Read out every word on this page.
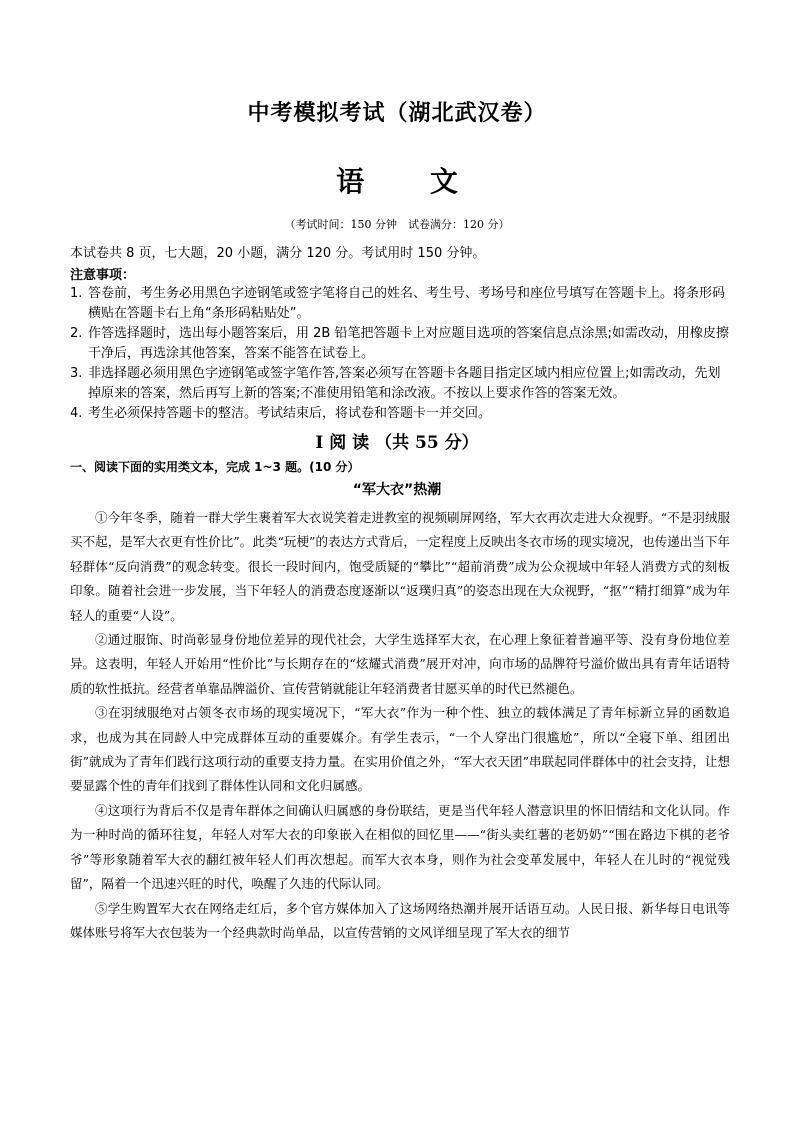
中考模拟考试（湖北武汉卷）
语 文
（考试时间：150 分钟　试卷满分：120 分）
本试卷共 8 页，七大题，20 小题，满分 120 分。考试用时 150 分钟。
注意事项：
1. 答卷前，考生务必用黑色字迹钢笔或签字笔将自己的姓名、考生号、考场号和座位号填写在答题卡上。将条形码横贴在答题卡右上角“条形码粘贴处”。
2. 作答选择题时，选出每小题答案后，用 2B 铅笔把答题卡上对应题目选项的答案信息点涂黑;如需改动，用橡皮擦干净后，再选涂其他答案，答案不能答在试卷上。
3. 非选择题必须用黑色字迹钢笔或签字笔作答,答案必须写在答题卡各题目指定区域内相应位置上;如需改动，先划掉原来的答案，然后再写上新的答案;不准使用铅笔和涂改液。不按以上要求作答的答案无效。
4. 考生必须保持答题卡的整洁。考试结束后，将试卷和答题卡一并交回。
I 阅 读 （共 55 分）
一、阅读下面的实用类文本，完成 1~3 题。(10 分）
“军大衣”热潮

①今年冬季，随着一群大学生裹着军大衣说笑着走进教室的视频刷屏网络，军大衣再次走进大众视野。“不是羽绒服买不起，是军大衣更有性价比”。此类“玩梗”的表达方式背后，一定程度上反映出冬衣市场的现实境况，也传递出当下年轻群体“反向消费”的观念转变。很长一段时间内，饱受质疑的“攀比”“超前消费”成为公众视域中年轻人消费方式的刻板印象。随着社会进一步发展，当下年轻人的消费态度逐渐以“返璞归真”的姿态出现在大众视野，“抠”“精打细算”成为年轻人的重要“人设”。

②通过服饰、时尚彰显身份地位差异的现代社会，大学生选择军大衣，在心理上象征着普遍平等、没有身份地位差异。这表明，年轻人开始用“性价比”与长期存在的“炫耀式消费”展开对冲，向市场的品牌符号溢价做出具有青年话语特质的软性抵抗。经营者单靠品牌溢价、宣传营销就能让年轻消费者甘愿买单的时代已然褪色。

③在羽绒服绝对占领冬衣市场的现实境况下，“军大衣”作为一种个性、独立的载体满足了青年标新立异的函数追求，也成为其在同龄人中完成群体互动的重要媒介。有学生表示，“一个人穿出门很尴尬”，所以“全寝下单、组团出街”就成为了青年们践行这项行动的重要支持力量。在实用价值之外，“军大衣天团”串联起同伴群体中的社会支持，让想要显露个性的青年们找到了群体性认同和文化归属感。

④这项行为背后不仅是青年群体之间确认归属感的身份联结，更是当代年轻人潜意识里的怀旧情结和文化认同。作为一种时尚的循环往复，年轻人对军大衣的印象嵌入在相似的回忆里——“街头卖红薯的老奶奶”“围在路边下棋的老爷爷”等形象随着军大衣的翻红被年轻人们再次想起。而军大衣本身，则作为社会变革发展中，年轻人在儿时的“视觉残留”，隔着一个迅速兴旺的时代，唤醒了久违的代际认同。

⑤学生购置军大衣在网络走红后，多个官方媒体加入了这场网络热潮并展开话语互动。人民日报、新华每日电讯等媒体账号将军大衣包装为一个经典款时尚单品，以宣传营销的文风详细呈现了军大衣的细节
